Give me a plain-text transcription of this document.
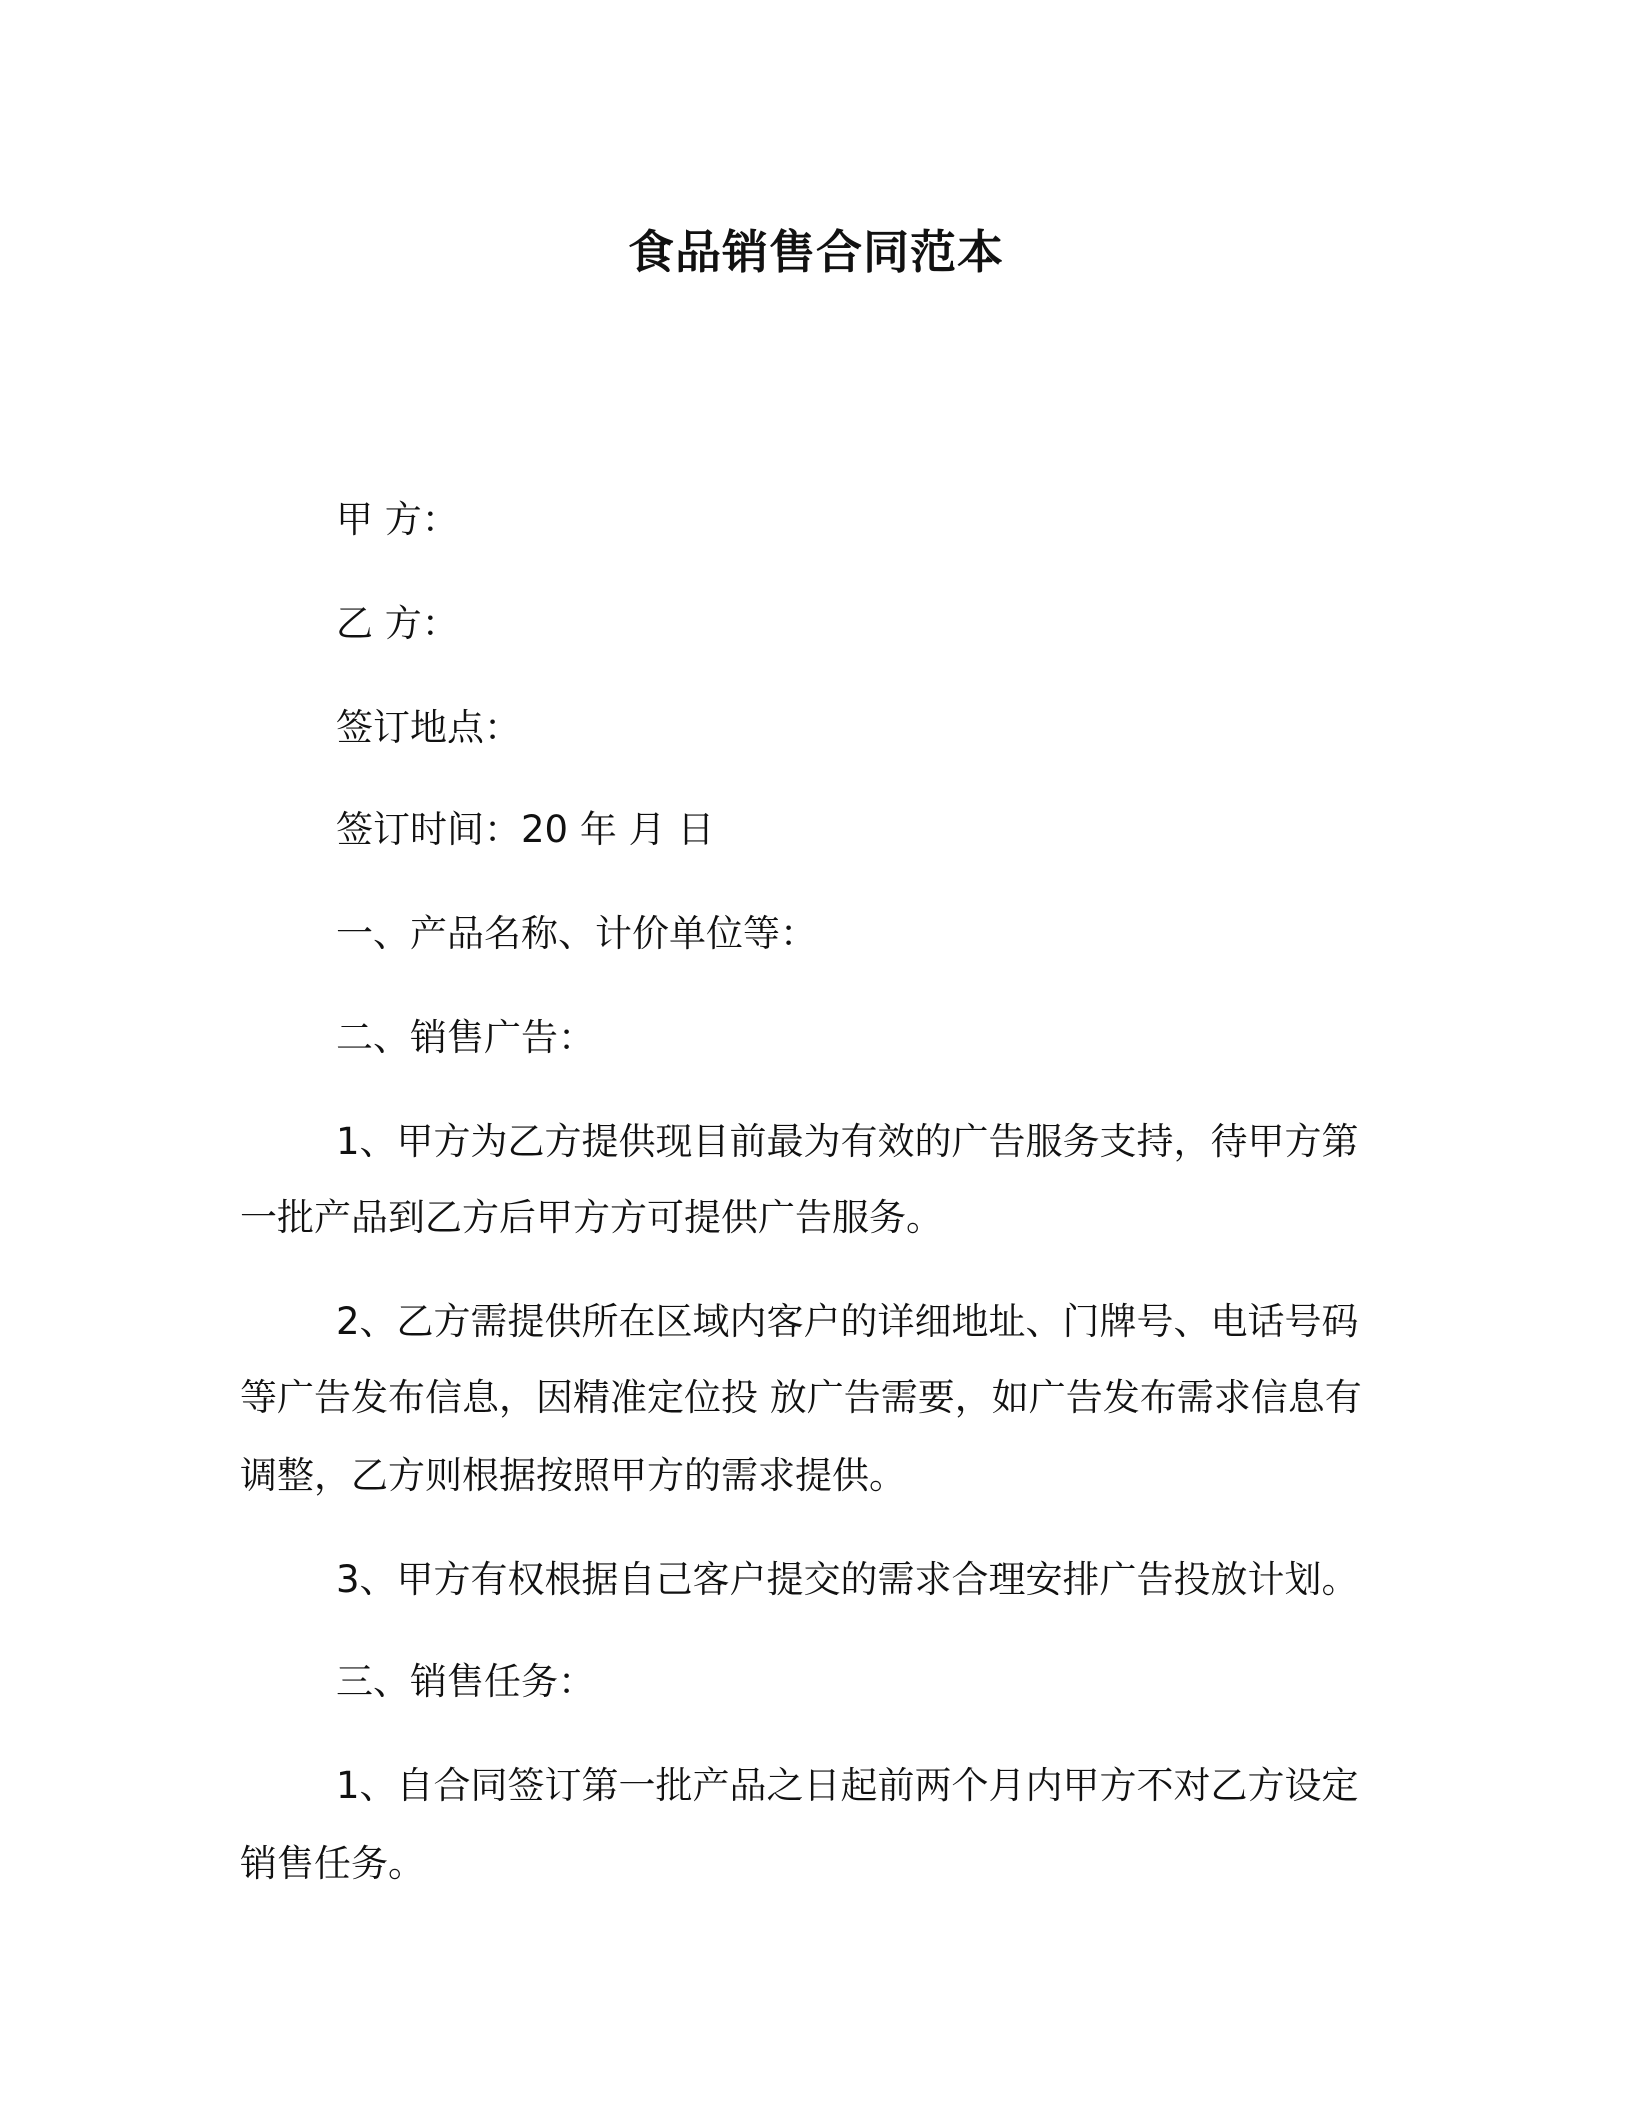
食品销售合同范本

甲 方：

乙 方：

签订地点：

签订时间：20 年 月 日

一、产品名称、计价单位等：

二、销售广告：

1、甲方为乙方提供现目前最为有效的广告服务支持，待甲方第

一批产品到乙方后甲方方可提供广告服务。

2、乙方需提供所在区域内客户的详细地址、门牌号、电话号码

等广告发布信息，因精准定位投 放广告需要，如广告发布需求信息有

调整，乙方则根据按照甲方的需求提供。

3、甲方有权根据自己客户提交的需求合理安排广告投放计划。

三、销售任务：

1、自合同签订第一批产品之日起前两个月内甲方不对乙方设定

销售任务。
